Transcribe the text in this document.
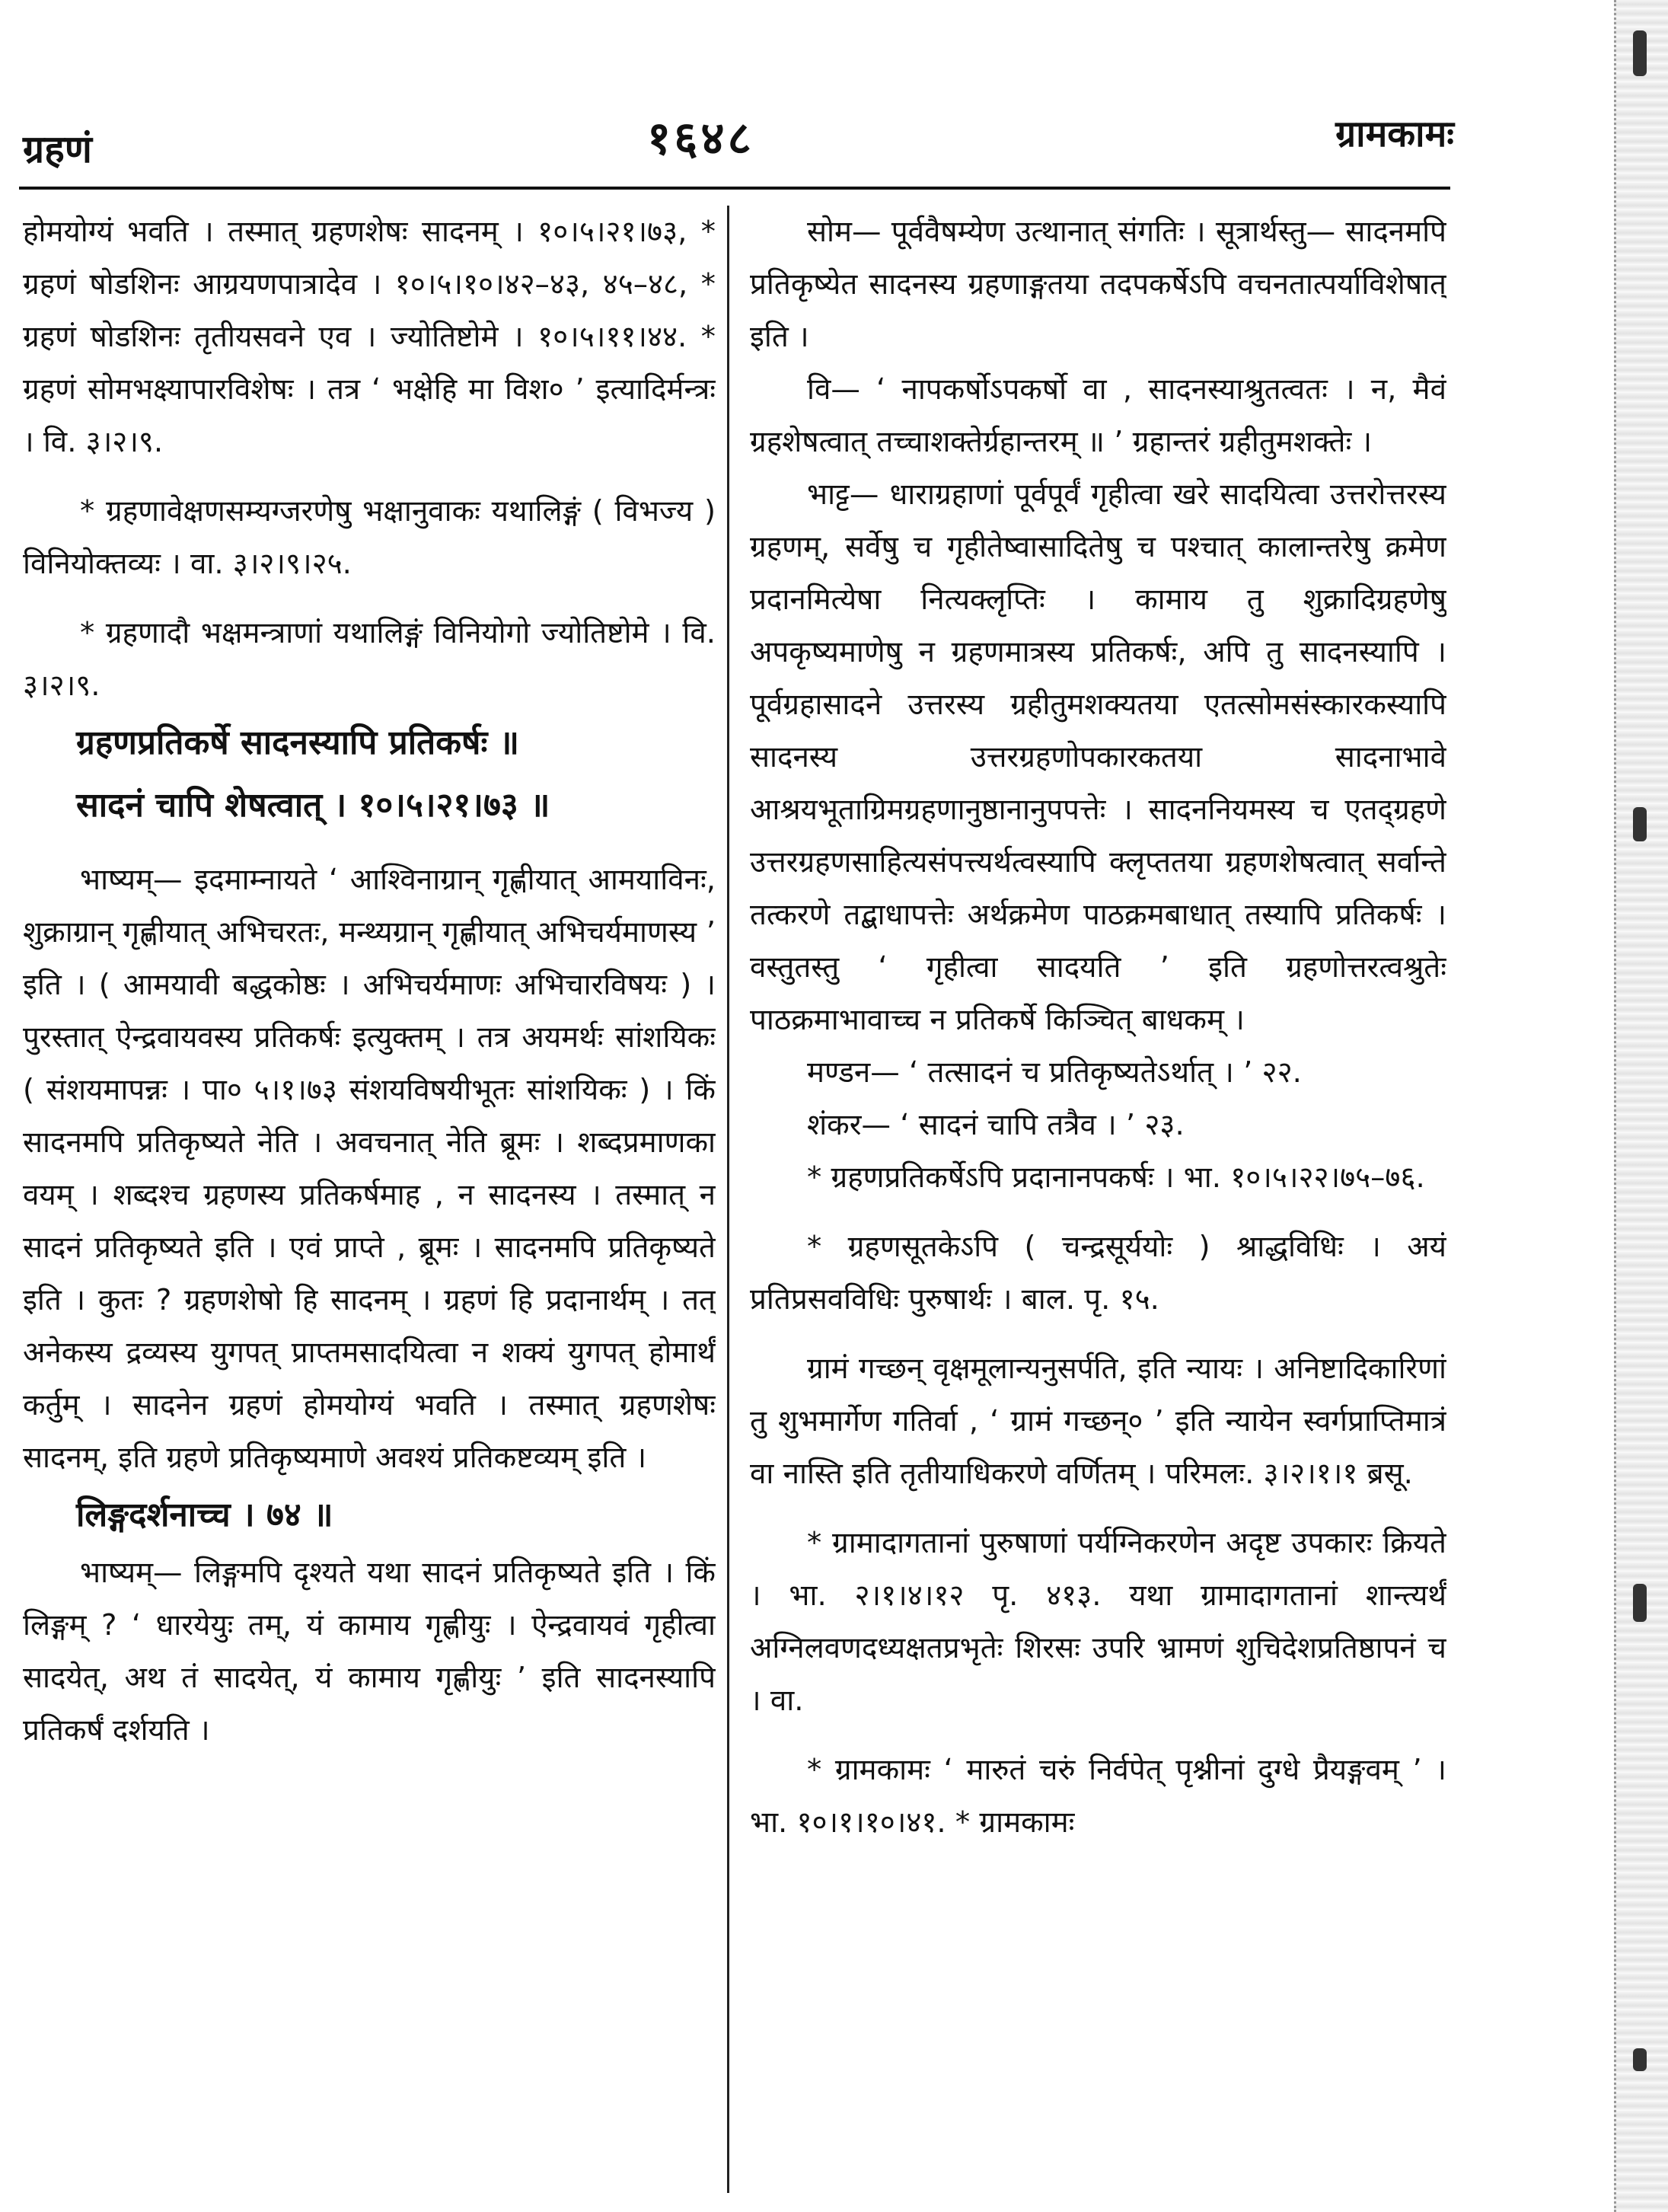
ग्रहणं	१६४८	ग्रामकामः

होमयोग्यं भवति । तस्मात् ग्रहणशेषः सादनम् । १०।५।२१।७३, * ग्रहणं षोडशिनः आग्रयणपात्रादेव । १०।५।१०।४२–४३, ४५–४८, * ग्रहणं षोडशिनः तृतीयसवने एव । ज्योतिष्टोमे । १०।५।११।४४. * ग्रहणं सोमभक्ष्यापारविशेषः । तत्र ‘ भक्षेहि मा विश० ’ इत्यादिर्मन्त्रः । वि. ३।२।९.

* ग्रहणावेक्षणसम्यग्जरणेषु भक्षानुवाकः यथालिङ्गं ( विभज्य ) विनियोक्तव्यः । वा. ३।२।९।२५.

* ग्रहणादौ भक्षमन्त्राणां यथालिङ्गं विनियोगो ज्योतिष्टोमे । वि. ३।२।९.

ग्रहणप्रतिकर्षे सादनस्यापि प्रतिकर्षः ॥

सादनं चापि शेषत्वात् । १०।५।२१।७३ ॥

भाष्यम्— इदमाम्नायते ‘ आश्विनाग्रान् गृह्णीयात् आमयाविनः, शुक्राग्रान् गृह्णीयात् अभिचरतः, मन्थ्यग्रान् गृह्णीयात् अभिचर्यमाणस्य ’ इति । ( आमयावी बद्धकोष्ठः । अभिचर्यमाणः अभिचारविषयः ) । पुरस्तात् ऐन्द्रवायवस्य प्रतिकर्षः इत्युक्तम् । तत्र अयमर्थः सांशयिकः ( संशयमापन्नः । पा० ५।१।७३ संशयविषयीभूतः सांशयिकः ) । किं सादनमपि प्रतिकृष्यते नेति । अवचनात् नेति ब्रूमः । शब्दप्रमाणका वयम् । शब्दश्च ग्रहणस्य प्रतिकर्षमाह , न सादनस्य । तस्मात् न सादनं प्रतिकृष्यते इति । एवं प्राप्ते , ब्रूमः । सादनमपि प्रतिकृष्यते इति । कुतः ? ग्रहणशेषो हि सादनम् । ग्रहणं हि प्रदानार्थम् । तत् अनेकस्य द्रव्यस्य युगपत् प्राप्तमसादयित्वा न शक्यं युगपत् होमार्थं कर्तुम् । सादनेन ग्रहणं होमयोग्यं भवति । तस्मात् ग्रहणशेषः सादनम्, इति ग्रहणे प्रतिकृष्यमाणे अवश्यं प्रतिकष्टव्यम् इति ।

लिङ्गदर्शनाच्च । ७४ ॥

भाष्यम्— लिङ्गमपि दृश्यते यथा सादनं प्रतिकृष्यते इति । किं लिङ्गम् ? ‘ धारयेयुः तम्, यं कामाय गृह्णीयुः । ऐन्द्रवायवं गृहीत्वा सादयेत्, अथ तं सादयेत्, यं कामाय गृह्णीयुः ’ इति सादनस्यापि प्रतिकर्षं दर्शयति ।

सोम— पूर्ववैषम्येण उत्थानात् संगतिः । सूत्रार्थस्तु— सादनमपि प्रतिकृष्येत सादनस्य ग्रहणाङ्गतया तदपकर्षेऽपि वचनतात्पर्याविशेषात् इति ।

वि— ‘ नापकर्षोऽपकर्षो वा , सादनस्याश्रुतत्वतः । न, मैवं ग्रहशेषत्वात् तच्चाशक्तेर्ग्रहान्तरम् ॥ ’ ग्रहान्तरं ग्रहीतुमशक्तेः ।

भाट्ट— धाराग्रहाणां पूर्वपूर्वं गृहीत्वा खरे सादयित्वा उत्तरोत्तरस्य ग्रहणम्, सर्वेषु च गृहीतेष्वासादितेषु च पश्चात् कालान्तरेषु क्रमेण प्रदानमित्येषा नित्यक्लृप्तिः । कामाय तु शुक्रादिग्रहणेषु अपकृष्यमाणेषु न ग्रहणमात्रस्य प्रतिकर्षः, अपि तु सादनस्यापि । पूर्वग्रहासादने उत्तरस्य ग्रहीतुमशक्यतया एतत्सोमसंस्कारकस्यापि सादनस्य उत्तरग्रहणोपकारकतया सादनाभावे आश्रयभूताग्रिमग्रहणानुष्ठानानुपपत्तेः । सादननियमस्य च एतद्ग्रहणे उत्तरग्रहणसाहित्यसंपत्त्यर्थत्वस्यापि क्लृप्ततया ग्रहणशेषत्वात् सर्वान्ते तत्करणे तद्बाधापत्तेः अर्थक्रमेण पाठक्रमबाधात् तस्यापि प्रतिकर्षः । वस्तुतस्तु ‘ गृहीत्वा सादयति ’ इति ग्रहणोत्तरत्वश्रुतेः पाठक्रमाभावाच्च न प्रतिकर्षे किञ्चित् बाधकम् ।

मण्डन— ‘ तत्सादनं च प्रतिकृष्यतेऽर्थात् । ’ २२.

शंकर— ‘ सादनं चापि तत्रैव । ’ २३.

* ग्रहणप्रतिकर्षेऽपि प्रदानानपकर्षः । भा. १०।५।२२।७५–७६.

* ग्रहणसूतकेऽपि ( चन्द्रसूर्ययोः ) श्राद्धविधिः । अयं प्रतिप्रसवविधिः पुरुषार्थः । बाल. पृ. १५.

ग्रामं गच्छन् वृक्षमूलान्यनुसर्पति, इति न्यायः । अनिष्टादिकारिणां तु शुभमार्गेण गतिर्वा , ‘ ग्रामं गच्छन्० ’ इति न्यायेन स्वर्गप्राप्तिमात्रं वा नास्ति इति तृतीयाधिकरणे वर्णितम् । परिमलः. ३।२।१।१ ब्रसू.

* ग्रामादागतानां पुरुषाणां पर्यग्निकरणेन अदृष्ट उपकारः क्रियते । भा. २।१।४।१२ पृ. ४१३. यथा ग्रामादागतानां शान्त्यर्थं अग्निलवणदध्यक्षतप्रभृतेः शिरसः उपरि भ्रामणं शुचिदेशप्रतिष्ठापनं च । वा.

* ग्रामकामः ‘ मारुतं चरुं निर्वपेत् पृश्नीनां दुग्धे प्रैयङ्गवम् ’ । भा. १०।१।१०।४१. * ग्रामकामः
